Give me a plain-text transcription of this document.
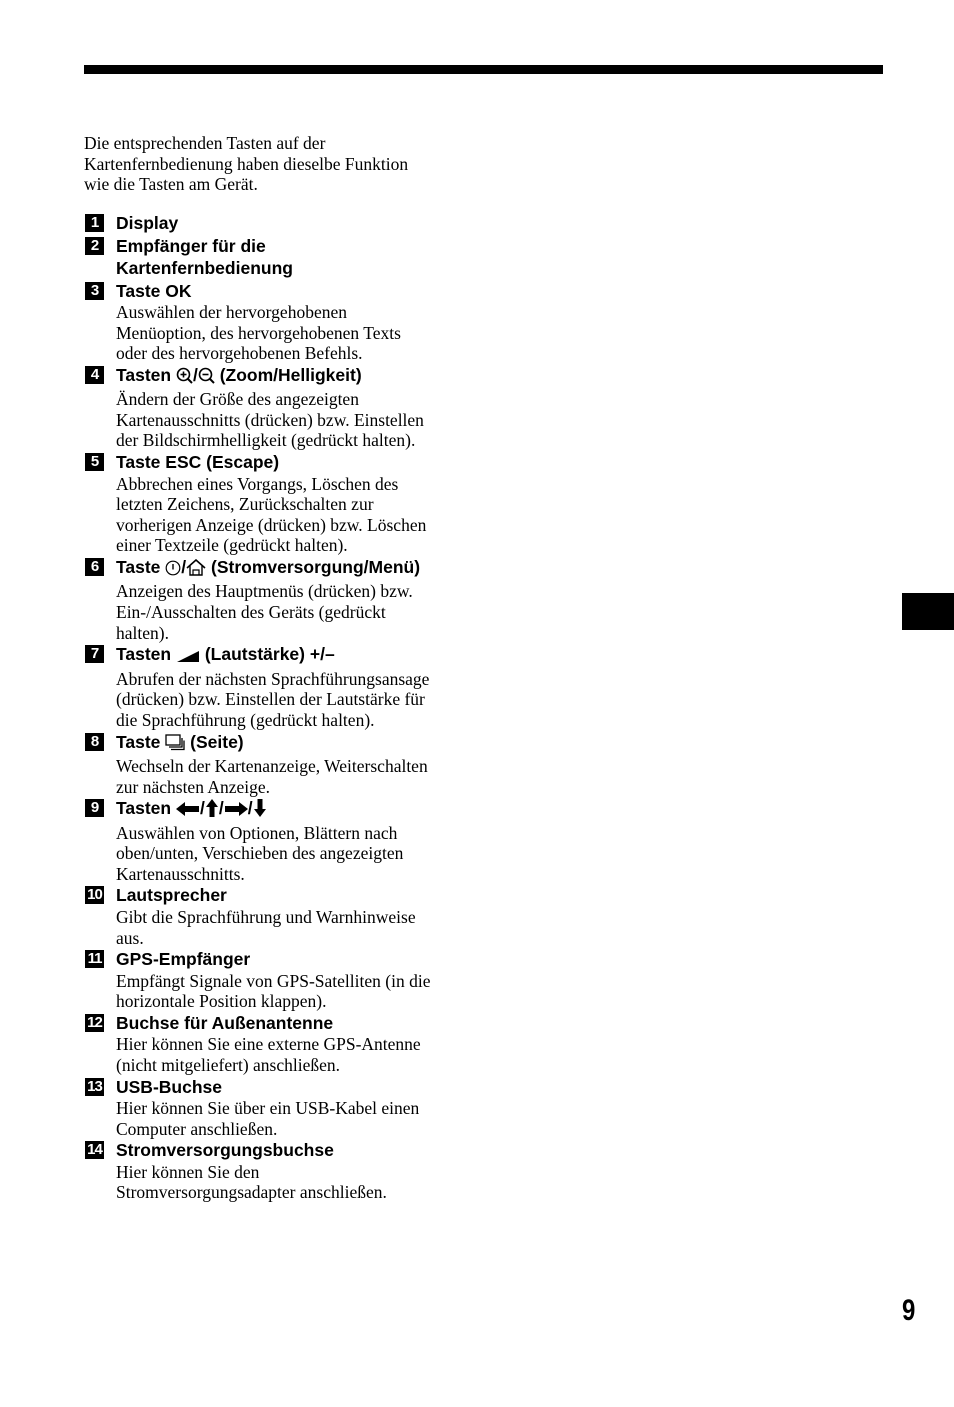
Die entsprechenden Tasten auf der
Kartenfernbedienung haben dieselbe Funktion
wie die Tasten am Gerät.
1	Display
2	Empfänger für die
Kartenfernbedienung
3	Taste OK
Auswählen der hervorgehobenen
Menüoption, des hervorgehobenen Texts
oder des hervorgehobenen Befehls.
4	Tasten / (Zoom/Helligkeit)
Ändern der Größe des angezeigten
Kartenausschnitts (drücken) bzw. Einstellen
der Bildschirmhelligkeit (gedrückt halten).
5	Taste ESC (Escape)
Abbrechen eines Vorgangs, Löschen des
letzten Zeichens, Zurückschalten zur
vorherigen Anzeige (drücken) bzw. Löschen
einer Textzeile (gedrückt halten).
6	Taste / (Stromversorgung/Menü)
Anzeigen des Hauptmenüs (drücken) bzw.
Ein-/Ausschalten des Geräts (gedrückt
halten).
7	Tasten  (Lautstärke) +/–
Abrufen der nächsten Sprachführungsansage
(drücken) bzw. Einstellen der Lautstärke für
die Sprachführung (gedrückt halten).
8	Taste  (Seite)
Wechseln der Kartenanzeige, Weiterschalten
zur nächsten Anzeige.
9	Tasten / / /
Auswählen von Optionen, Blättern nach
oben/unten, Verschieben des angezeigten
Kartenausschnitts.
10 Lautsprecher
Gibt die Sprachführung und Warnhinweise
aus.
11 GPS-Empfänger
Empfängt Signale von GPS-Satelliten (in die
horizontale Position klappen).
12 Buchse für Außenantenne
Hier können Sie eine externe GPS-Antenne
(nicht mitgeliefert) anschließen.
13 USB-Buchse
Hier können Sie über ein USB-Kabel einen
Computer anschließen.
14 Stromversorgungsbuchse
Hier können Sie den
Stromversorgungsadapter anschließen.
9
